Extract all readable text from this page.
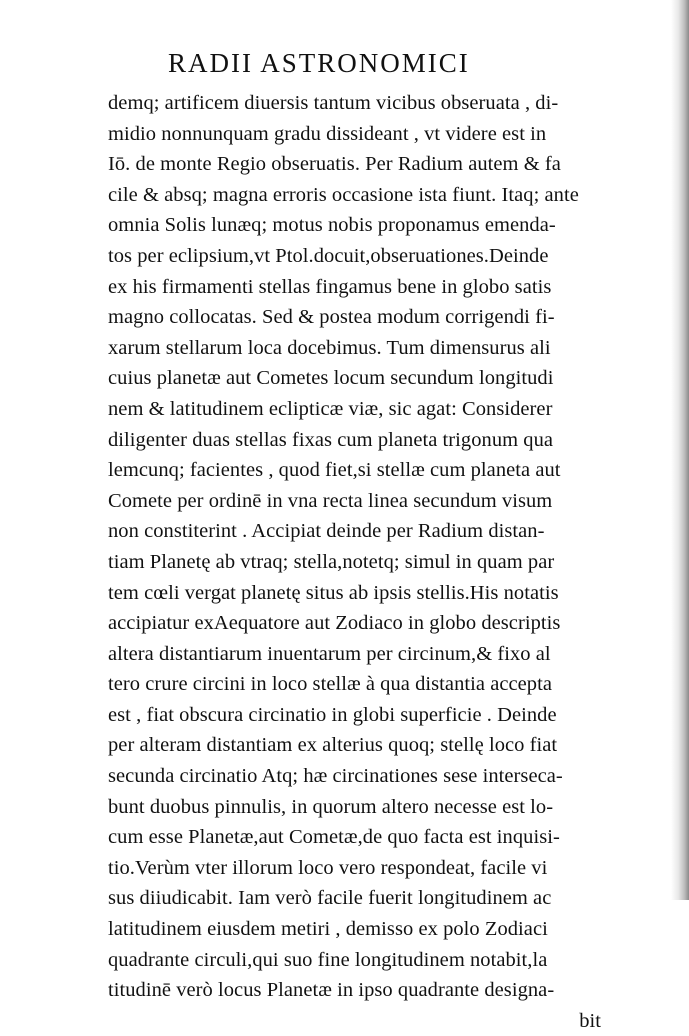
RADII ASTRONOMICI
demq; artificem diuersis tantum vicibus obseruata , di-
midio nonnunquam gradu dissideant , vt videre est in
Iō. de monte Regio obseruatis. Per Radium autem & fa
cile & absq; magna erroris occasione ista fiunt. Itaq; ante
omnia Solis lunæq; motus nobis proponamus emenda-
tos per eclipsium,vt Ptol.docuit,obseruationes.Deinde
ex his firmamenti stellas fingamus bene in globo satis
magno collocatas. Sed & postea modum corrigendi fi-
xarum stellarum loca docebimus. Tum dimensurus ali
cuius planetæ aut Cometes locum secundum longitudi
nem & latitudinem eclipticæ viæ, sic agat: Considerer
diligenter duas stellas fixas cum planeta trigonum qua
lemcunq; facientes , quod fiet,si stellæ cum planeta aut
Comete per ordinē in vna recta linea secundum visum
non constiterint . Accipiat deinde per Radium distan-
tiam Planetę ab vtraq; stella,notetq; simul in quam par
tem cœli vergat planetę situs ab ipsis stellis.His notatis
accipiatur exAequatore aut Zodiaco in globo descriptis
altera distantiarum inuentarum per circinum,& fixo al
tero crure circini in loco stellæ à qua distantia accepta
est , fiat obscura circinatio in globi superficie . Deinde
per alteram distantiam ex alterius quoq; stellę loco fiat
secunda circinatio Atq; hæ circinationes sese interseca-
bunt duobus pinnulis, in quorum altero necesse est lo-
cum esse Planetæ,aut Cometæ,de quo facta est inquisi-
tio.Verùm vter illorum loco vero respondeat, facile vi
sus diiudicabit. Iam verò facile fuerit longitudinem ac
latitudinem eiusdem metiri , demisso ex polo Zodiaci
quadrante circuli,qui suo fine longitudinem notabit,la
titudinē verò locus Planetæ in ipso quadrante designa-
bit
